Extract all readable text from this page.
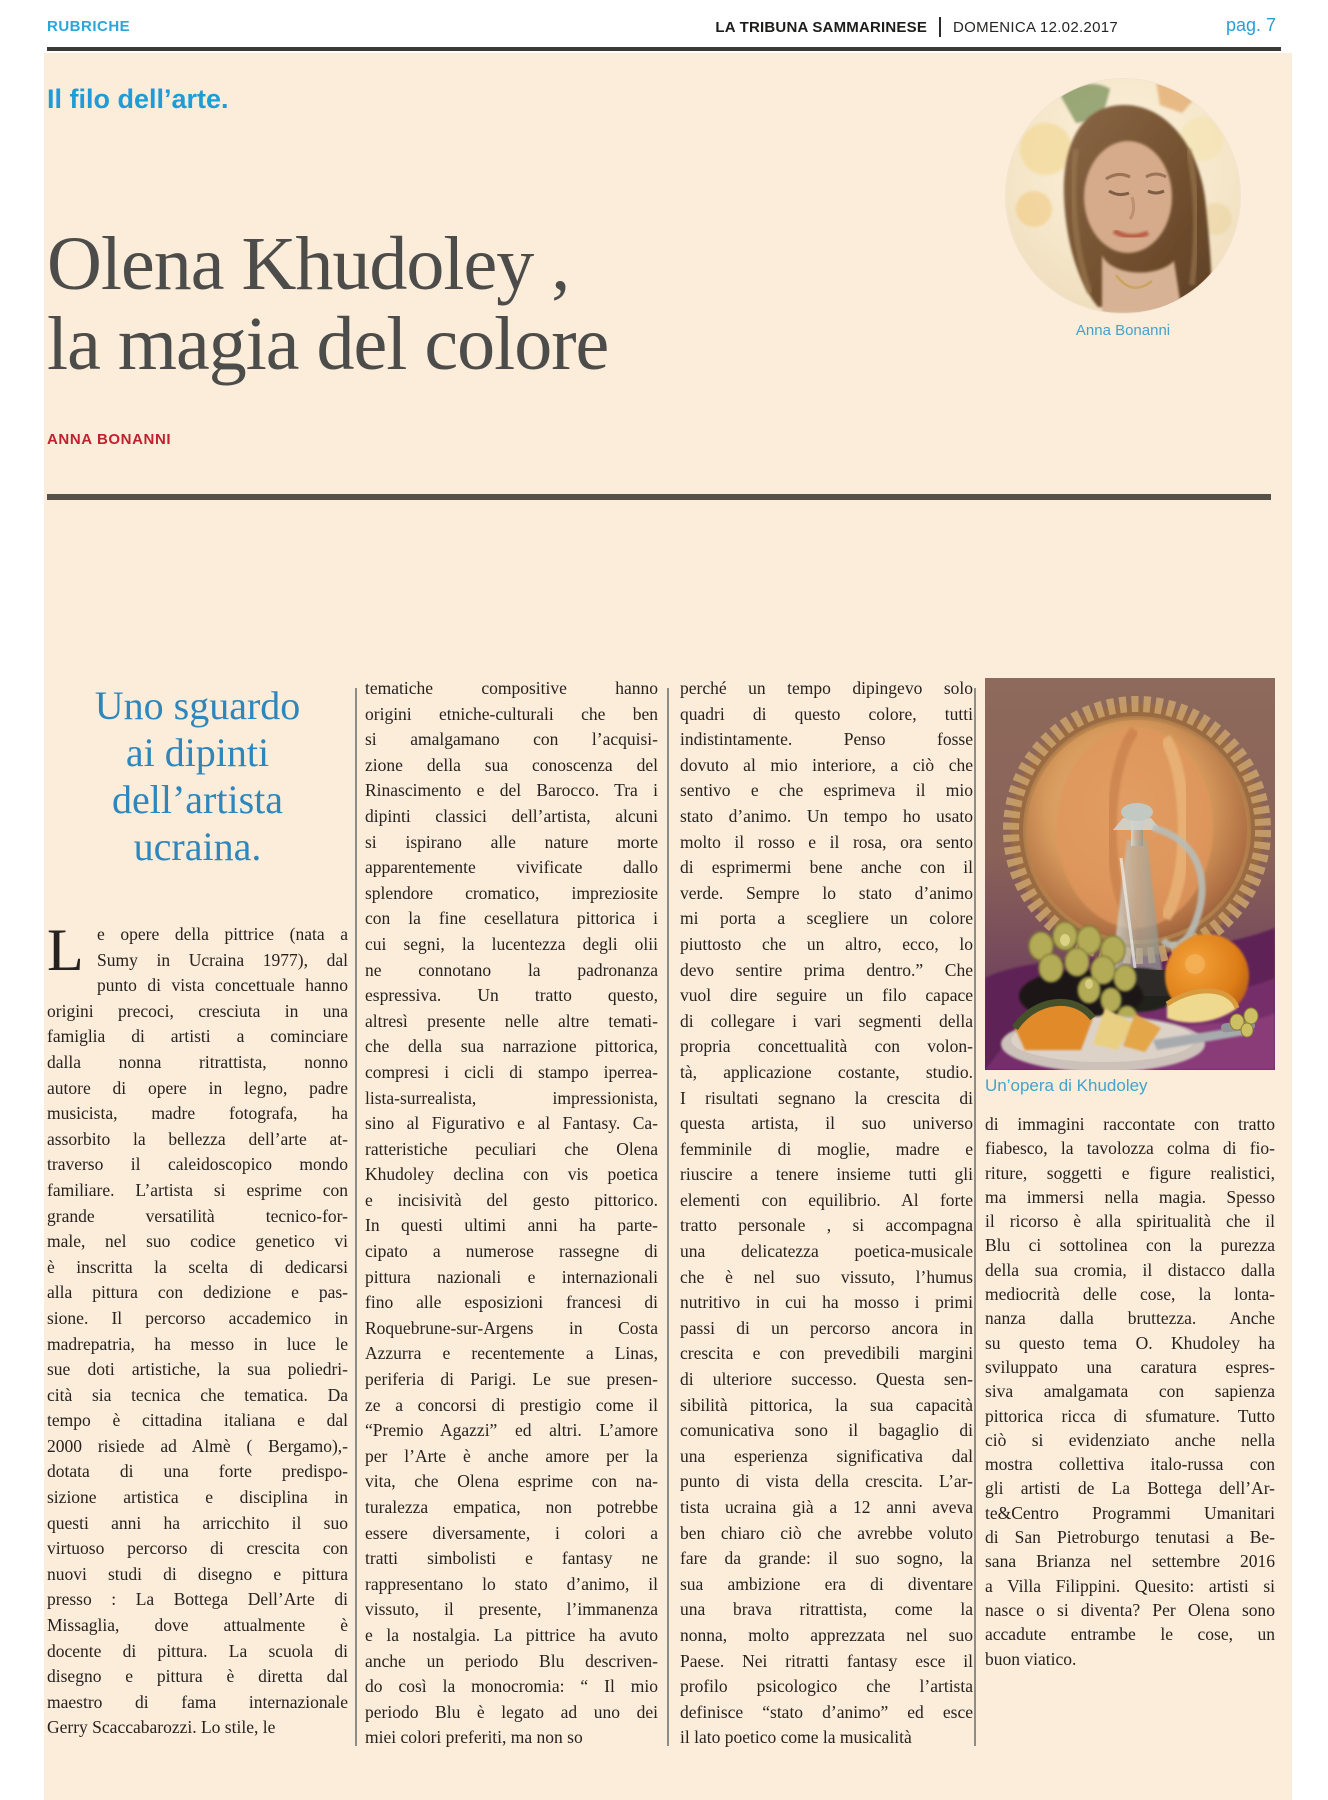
RUBRICHE	LA TRIBUNA SAMMARINESE DOMENICA 12.02.2017	pag. 7
Il filo dell’arte.
Anna Bonanni
Olena Khudoley ,
la magia del colore
ANNA BONANNI
Uno sguardo
ai dipinti
dell’artista
ucraina.
L e opere della pittrice (nata a
Sumy in Ucraina 1977), dal
punto di vista concettuale hanno
origini precoci, cresciuta in una
famiglia di artisti a cominciare
dalla nonna ritrattista, nonno
autore di opere in legno, padre
musicista, madre fotografa, ha
assorbito la bellezza dell’arte at-
traverso il caleidoscopico mondo
familiare. L’artista si esprime con
grande versatilità tecnico-for-
male, nel suo codice genetico vi
è inscritta la scelta di dedicarsi
alla pittura con dedizione e pas-
sione. Il percorso accademico in
madrepatria, ha messo in luce le
sue doti artistiche, la sua poliedri-
cità sia tecnica che tematica. Da
tempo è cittadina italiana e dal
2000 risiede ad Almè ( Bergamo),-
dotata di una forte predispo-
sizione artistica e disciplina in
questi anni ha arricchito il suo
virtuoso percorso di crescita con
nuovi studi di disegno e pittura
presso : La Bottega Dell’Arte di
Missaglia, dove attualmente è
docente di pittura. La scuola di
disegno e pittura è diretta dal
maestro di fama internazionale
Gerry Scaccabarozzi. Lo stile, le
tematiche compositive hanno
origini etniche-culturali che ben
si amalgamano con l’acquisi-
zione della sua conoscenza del
Rinascimento e del Barocco. Tra i
dipinti classici dell’artista, alcuni
si ispirano alle nature morte
apparentemente vivificate dallo
splendore cromatico, impreziosite
con la fine cesellatura pittorica i
cui segni, la lucentezza degli olii
ne connotano la padronanza
espressiva. Un tratto questo,
altresì presente nelle altre temati-
che della sua narrazione pittorica,
compresi i cicli di stampo iperrea-
lista-surrealista, impressionista,
sino al Figurativo e al Fantasy. Ca-
ratteristiche peculiari che Olena
Khudoley declina con vis poetica
e incisività del gesto pittorico.
In questi ultimi anni ha parte-
cipato a numerose rassegne di
pittura nazionali e internazionali
fino alle esposizioni francesi di
Roquebrune-sur-Argens in Costa
Azzurra e recentemente a Linas,
periferia di Parigi. Le sue presen-
ze a concorsi di prestigio come il
“Premio Agazzi” ed altri. L’amore
per l’Arte è anche amore per la
vita, che Olena esprime con na-
turalezza empatica, non potrebbe
essere diversamente, i colori a
tratti simbolisti e fantasy ne
rappresentano lo stato d’animo, il
vissuto, il presente, l’immanenza
e la nostalgia. La pittrice ha avuto
anche un periodo Blu descriven-
do così la monocromia: “ Il mio
periodo Blu è legato ad uno dei
miei colori preferiti, ma non so
perché un tempo dipingevo solo
quadri di questo colore, tutti
indistintamente. Penso fosse
dovuto al mio interiore, a ciò che
sentivo e che esprimeva il mio
stato d’animo. Un tempo ho usato
molto il rosso e il rosa, ora sento
di esprimermi bene anche con il
verde. Sempre lo stato d’animo
mi porta a scegliere un colore
piuttosto che un altro, ecco, lo
devo sentire prima dentro.” Che
vuol dire seguire un filo capace
di collegare i vari segmenti della
propria concettualità con volon-
tà, applicazione costante, studio.
I risultati segnano la crescita di
questa artista, il suo universo
femminile di moglie, madre e
riuscire a tenere insieme tutti gli
elementi con equilibrio. Al forte
tratto personale , si accompagna
una delicatezza poetica-musicale
che è nel suo vissuto, l’humus
nutritivo in cui ha mosso i primi
passi di un percorso ancora in
crescita e con prevedibili margini
di ulteriore successo. Questa sen-
sibilità pittorica, la sua capacità
comunicativa sono il bagaglio di
una esperienza significativa dal
punto di vista della crescita. L’ar-
tista ucraina già a 12 anni aveva
ben chiaro ciò che avrebbe voluto
fare da grande: il suo sogno, la
sua ambizione era di diventare
una brava ritrattista, come la
nonna, molto apprezzata nel suo
Paese. Nei ritratti fantasy esce il
profilo psicologico che l’artista
definisce “stato d’animo” ed esce
il lato poetico come la musicalità
di immagini raccontate con tratto
fiabesco, la tavolozza colma di fio-
riture, soggetti e figure realistici,
ma immersi nella magia. Spesso
il ricorso è alla spiritualità che il
Blu ci sottolinea con la purezza
della sua cromia, il distacco dalla
mediocrità delle cose, la lonta-
nanza dalla bruttezza. Anche
su questo tema O. Khudoley ha
sviluppato una caratura espres-
siva amalgamata con sapienza
pittorica ricca di sfumature. Tutto
ciò si evidenziato anche nella
mostra collettiva italo-russa con
gli artisti de La Bottega dell’Ar-
te&Centro Programmi Umanitari
di San Pietroburgo tenutasi a Be-
sana Brianza nel settembre 2016
a Villa Filippini. Quesito: artisti si
nasce o si diventa? Per Olena sono
accadute entrambe le cose, un
buon viatico.
Un’opera di Khudoley
